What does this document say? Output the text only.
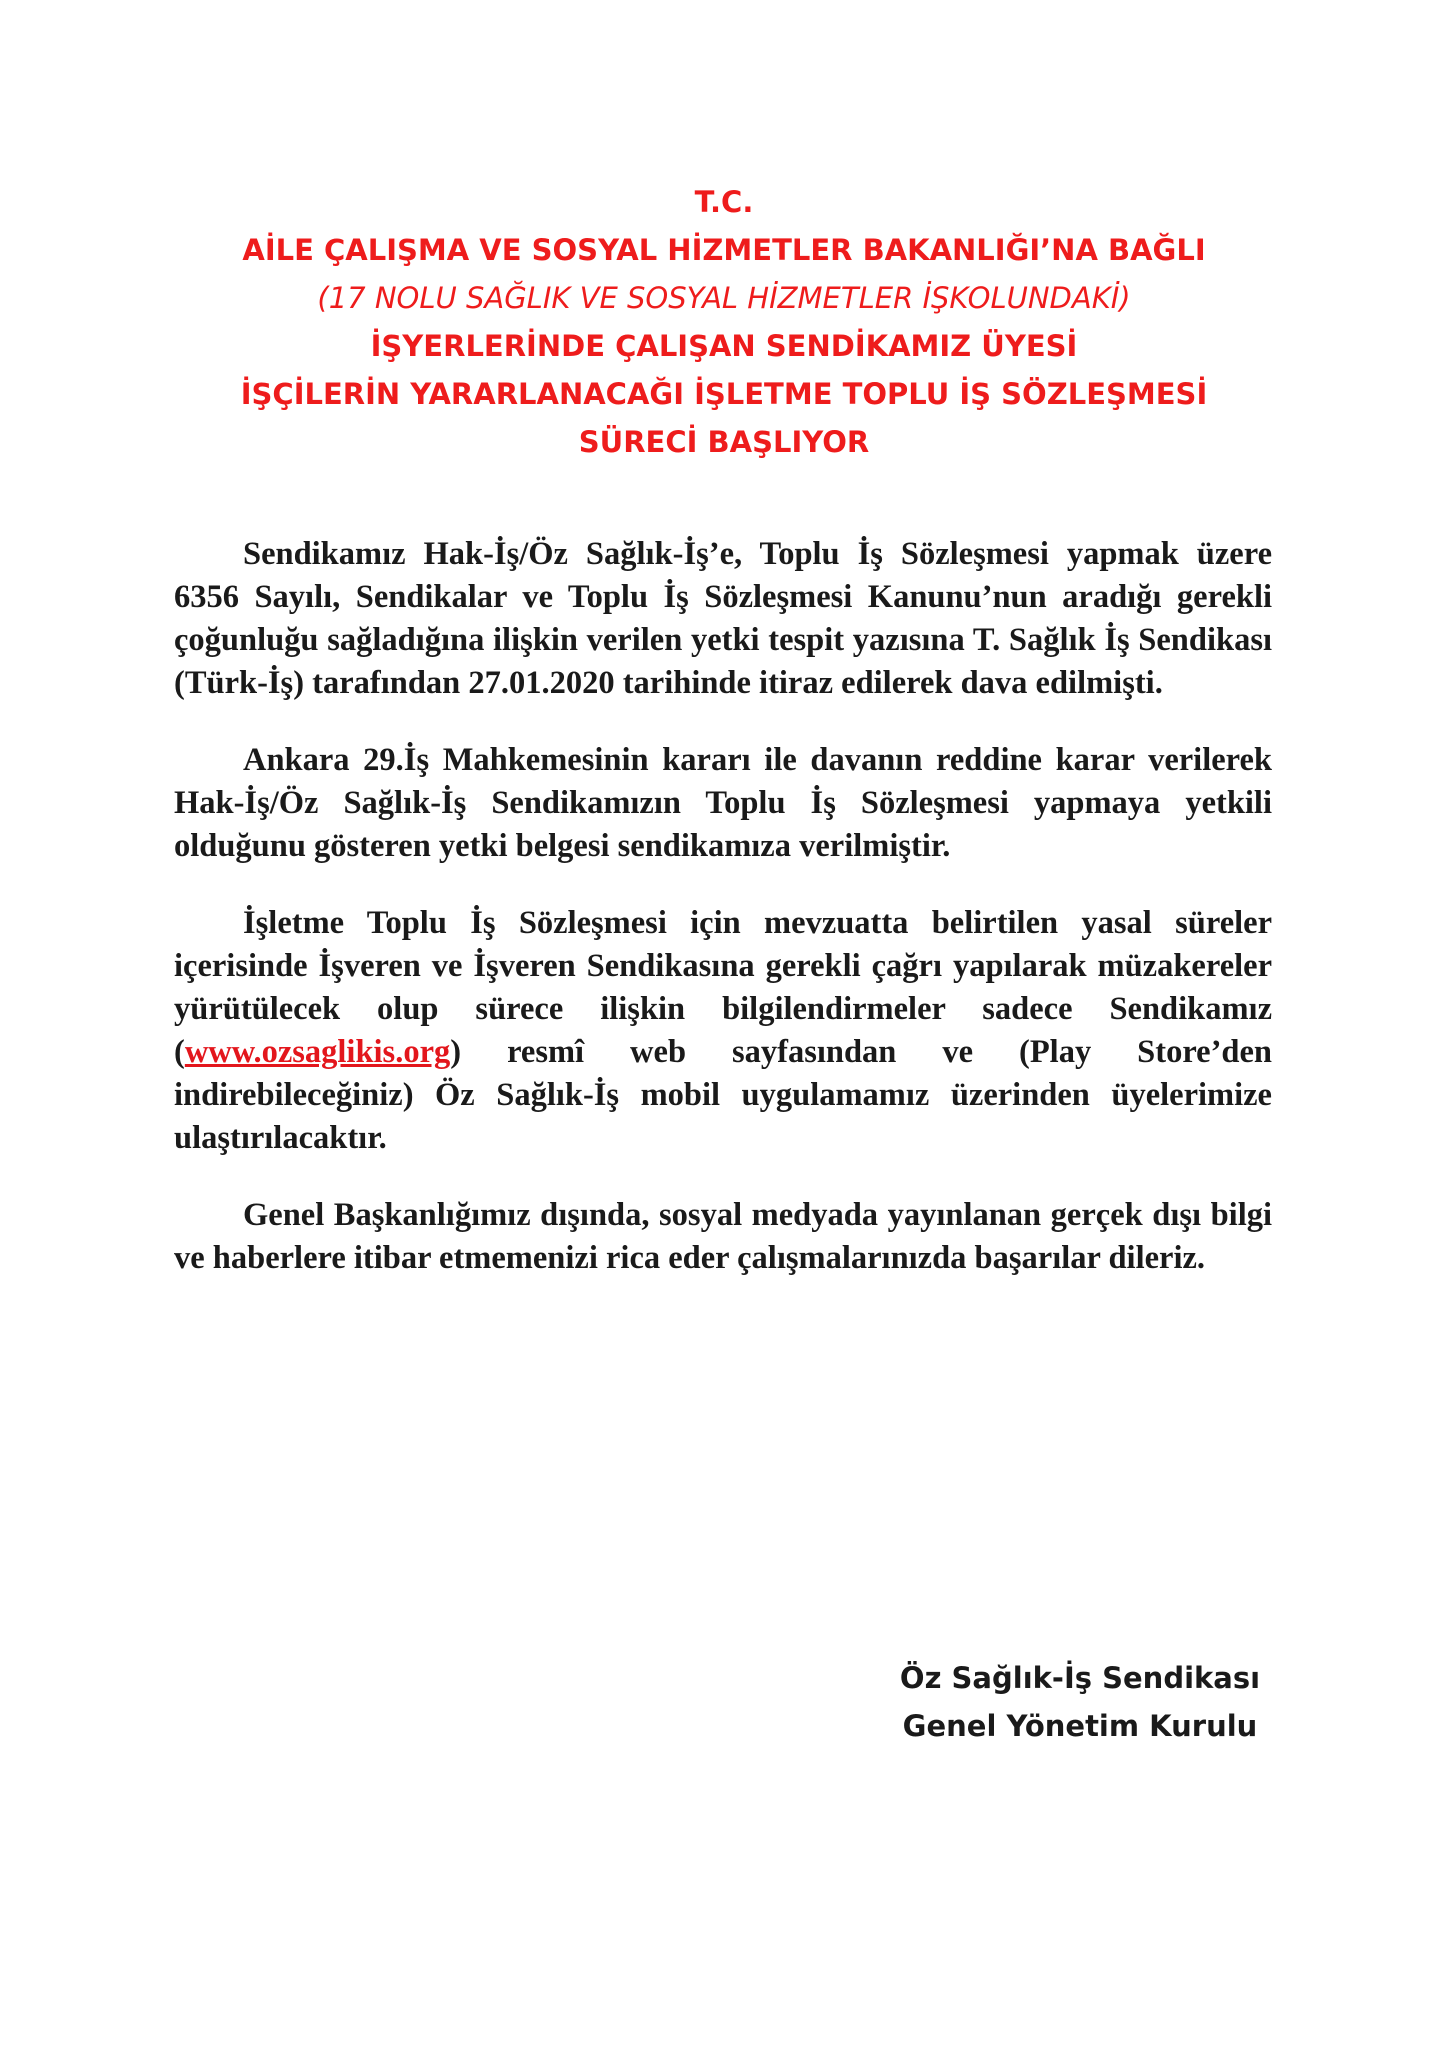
T.C.
AİLE ÇALIŞMA VE SOSYAL HİZMETLER BAKANLIĞI’NA BAĞLI
(17 NOLU SAĞLIK VE SOSYAL HİZMETLER İŞKOLUNDAKİ)
İŞYERLERİNDE ÇALIŞAN SENDİKAMIZ ÜYESİ
İŞÇİLERİN YARARLANACAĞI İŞLETME TOPLU İŞ SÖZLEŞMESİ
SÜRECİ BAŞLIYOR

Sendikamız Hak-İş/Öz Sağlık-İş’e, Toplu İş Sözleşmesi yapmak üzere 6356 Sayılı, Sendikalar ve Toplu İş Sözleşmesi Kanunu’nun aradığı gerekli çoğunluğu sağladığına ilişkin verilen yetki tespit yazısına T. Sağlık İş Sendikası (Türk-İş) tarafından 27.01.2020 tarihinde itiraz edilerek dava edilmişti.

Ankara 29.İş Mahkemesinin kararı ile davanın reddine karar verilerek Hak-İş/Öz Sağlık-İş Sendikamızın Toplu İş Sözleşmesi yapmaya yetkili olduğunu gösteren yetki belgesi sendikamıza verilmiştir.

İşletme Toplu İş Sözleşmesi için mevzuatta belirtilen yasal süreler içerisinde İşveren ve İşveren Sendikasına gerekli çağrı yapılarak müzakereler yürütülecek olup sürece ilişkin bilgilendirmeler sadece Sendikamız (www.ozsaglikis.org) resmî web sayfasından ve (Play Store’den indirebileceğiniz) Öz Sağlık-İş mobil uygulamamız üzerinden üyelerimize ulaştırılacaktır.

Genel Başkanlığımız dışında, sosyal medyada yayınlanan gerçek dışı bilgi ve haberlere itibar etmemenizi rica eder çalışmalarınızda başarılar dileriz.

Öz Sağlık-İş Sendikası
Genel Yönetim Kurulu
